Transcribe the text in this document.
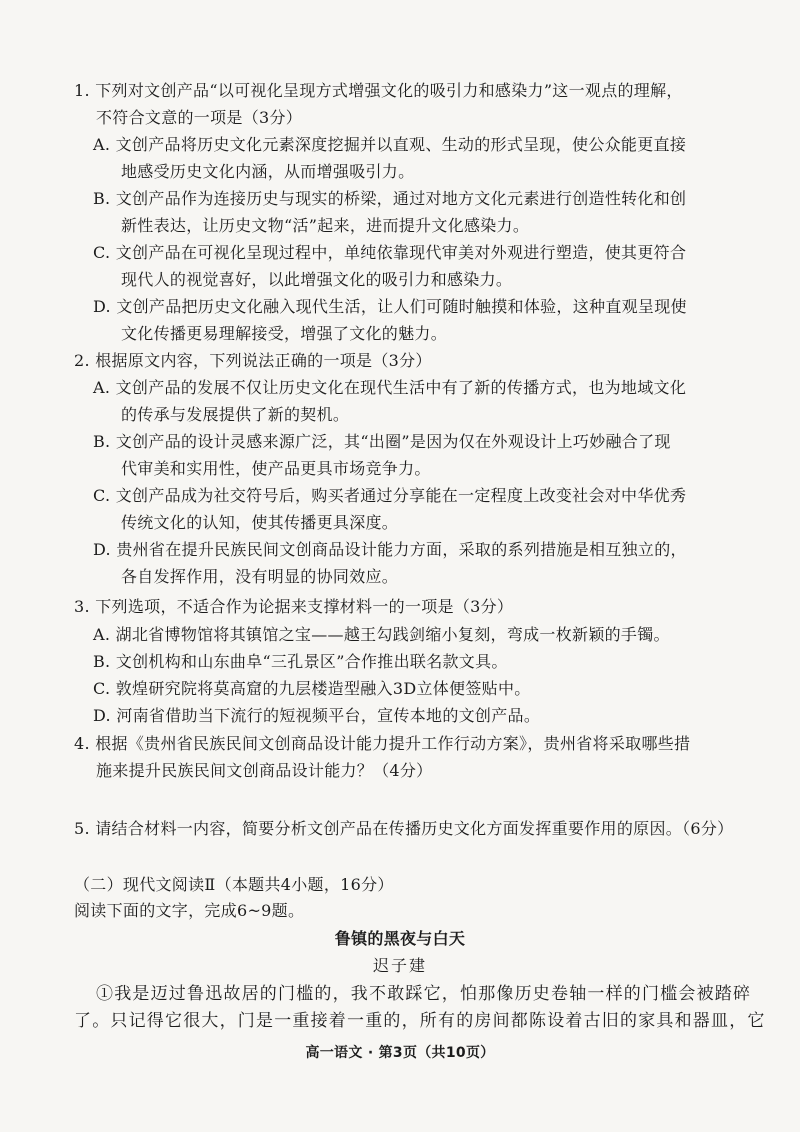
1. 下列对文创产品“以可视化呈现方式增强文化的吸引力和感染力”这一观点的理解，
不符合文意的一项是（3分）
A. 文创产品将历史文化元素深度挖掘并以直观、生动的形式呈现，使公众能更直接
地感受历史文化内涵，从而增强吸引力。
B. 文创产品作为连接历史与现实的桥梁，通过对地方文化元素进行创造性转化和创
新性表达，让历史文物“活”起来，进而提升文化感染力。
C. 文创产品在可视化呈现过程中，单纯依靠现代审美对外观进行塑造，使其更符合
现代人的视觉喜好，以此增强文化的吸引力和感染力。
D. 文创产品把历史文化融入现代生活，让人们可随时触摸和体验，这种直观呈现使
文化传播更易理解接受，增强了文化的魅力。
2. 根据原文内容，下列说法正确的一项是（3分）
A. 文创产品的发展不仅让历史文化在现代生活中有了新的传播方式，也为地域文化
的传承与发展提供了新的契机。
B. 文创产品的设计灵感来源广泛，其“出圈”是因为仅在外观设计上巧妙融合了现
代审美和实用性，使产品更具市场竞争力。
C. 文创产品成为社交符号后，购买者通过分享能在一定程度上改变社会对中华优秀
传统文化的认知，使其传播更具深度。
D. 贵州省在提升民族民间文创商品设计能力方面，采取的系列措施是相互独立的，
各自发挥作用，没有明显的协同效应。
3. 下列选项，不适合作为论据来支撑材料一的一项是（3分）
A. 湖北省博物馆将其镇馆之宝——越王勾践剑缩小复刻，弯成一枚新颖的手镯。
B. 文创机构和山东曲阜“三孔景区”合作推出联名款文具。
C. 敦煌研究院将莫高窟的九层楼造型融入3D立体便签贴中。
D. 河南省借助当下流行的短视频平台，宣传本地的文创产品。
4. 根据《贵州省民族民间文创商品设计能力提升工作行动方案》，贵州省将采取哪些措
施来提升民族民间文创商品设计能力？（4分）
5. 请结合材料一内容，简要分析文创产品在传播历史文化方面发挥重要作用的原因。（6分）
（二）现代文阅读Ⅱ（本题共4小题，16分）
阅读下面的文字，完成6~9题。
鲁镇的黑夜与白天
迟子建
①我是迈过鲁迅故居的门槛的，我不敢踩它，怕那像历史卷轴一样的门槛会被踏碎
了。只记得它很大，门是一重接着一重的，所有的房间都陈设着古旧的家具和器皿，它
高一语文 · 第3页（共10页）
